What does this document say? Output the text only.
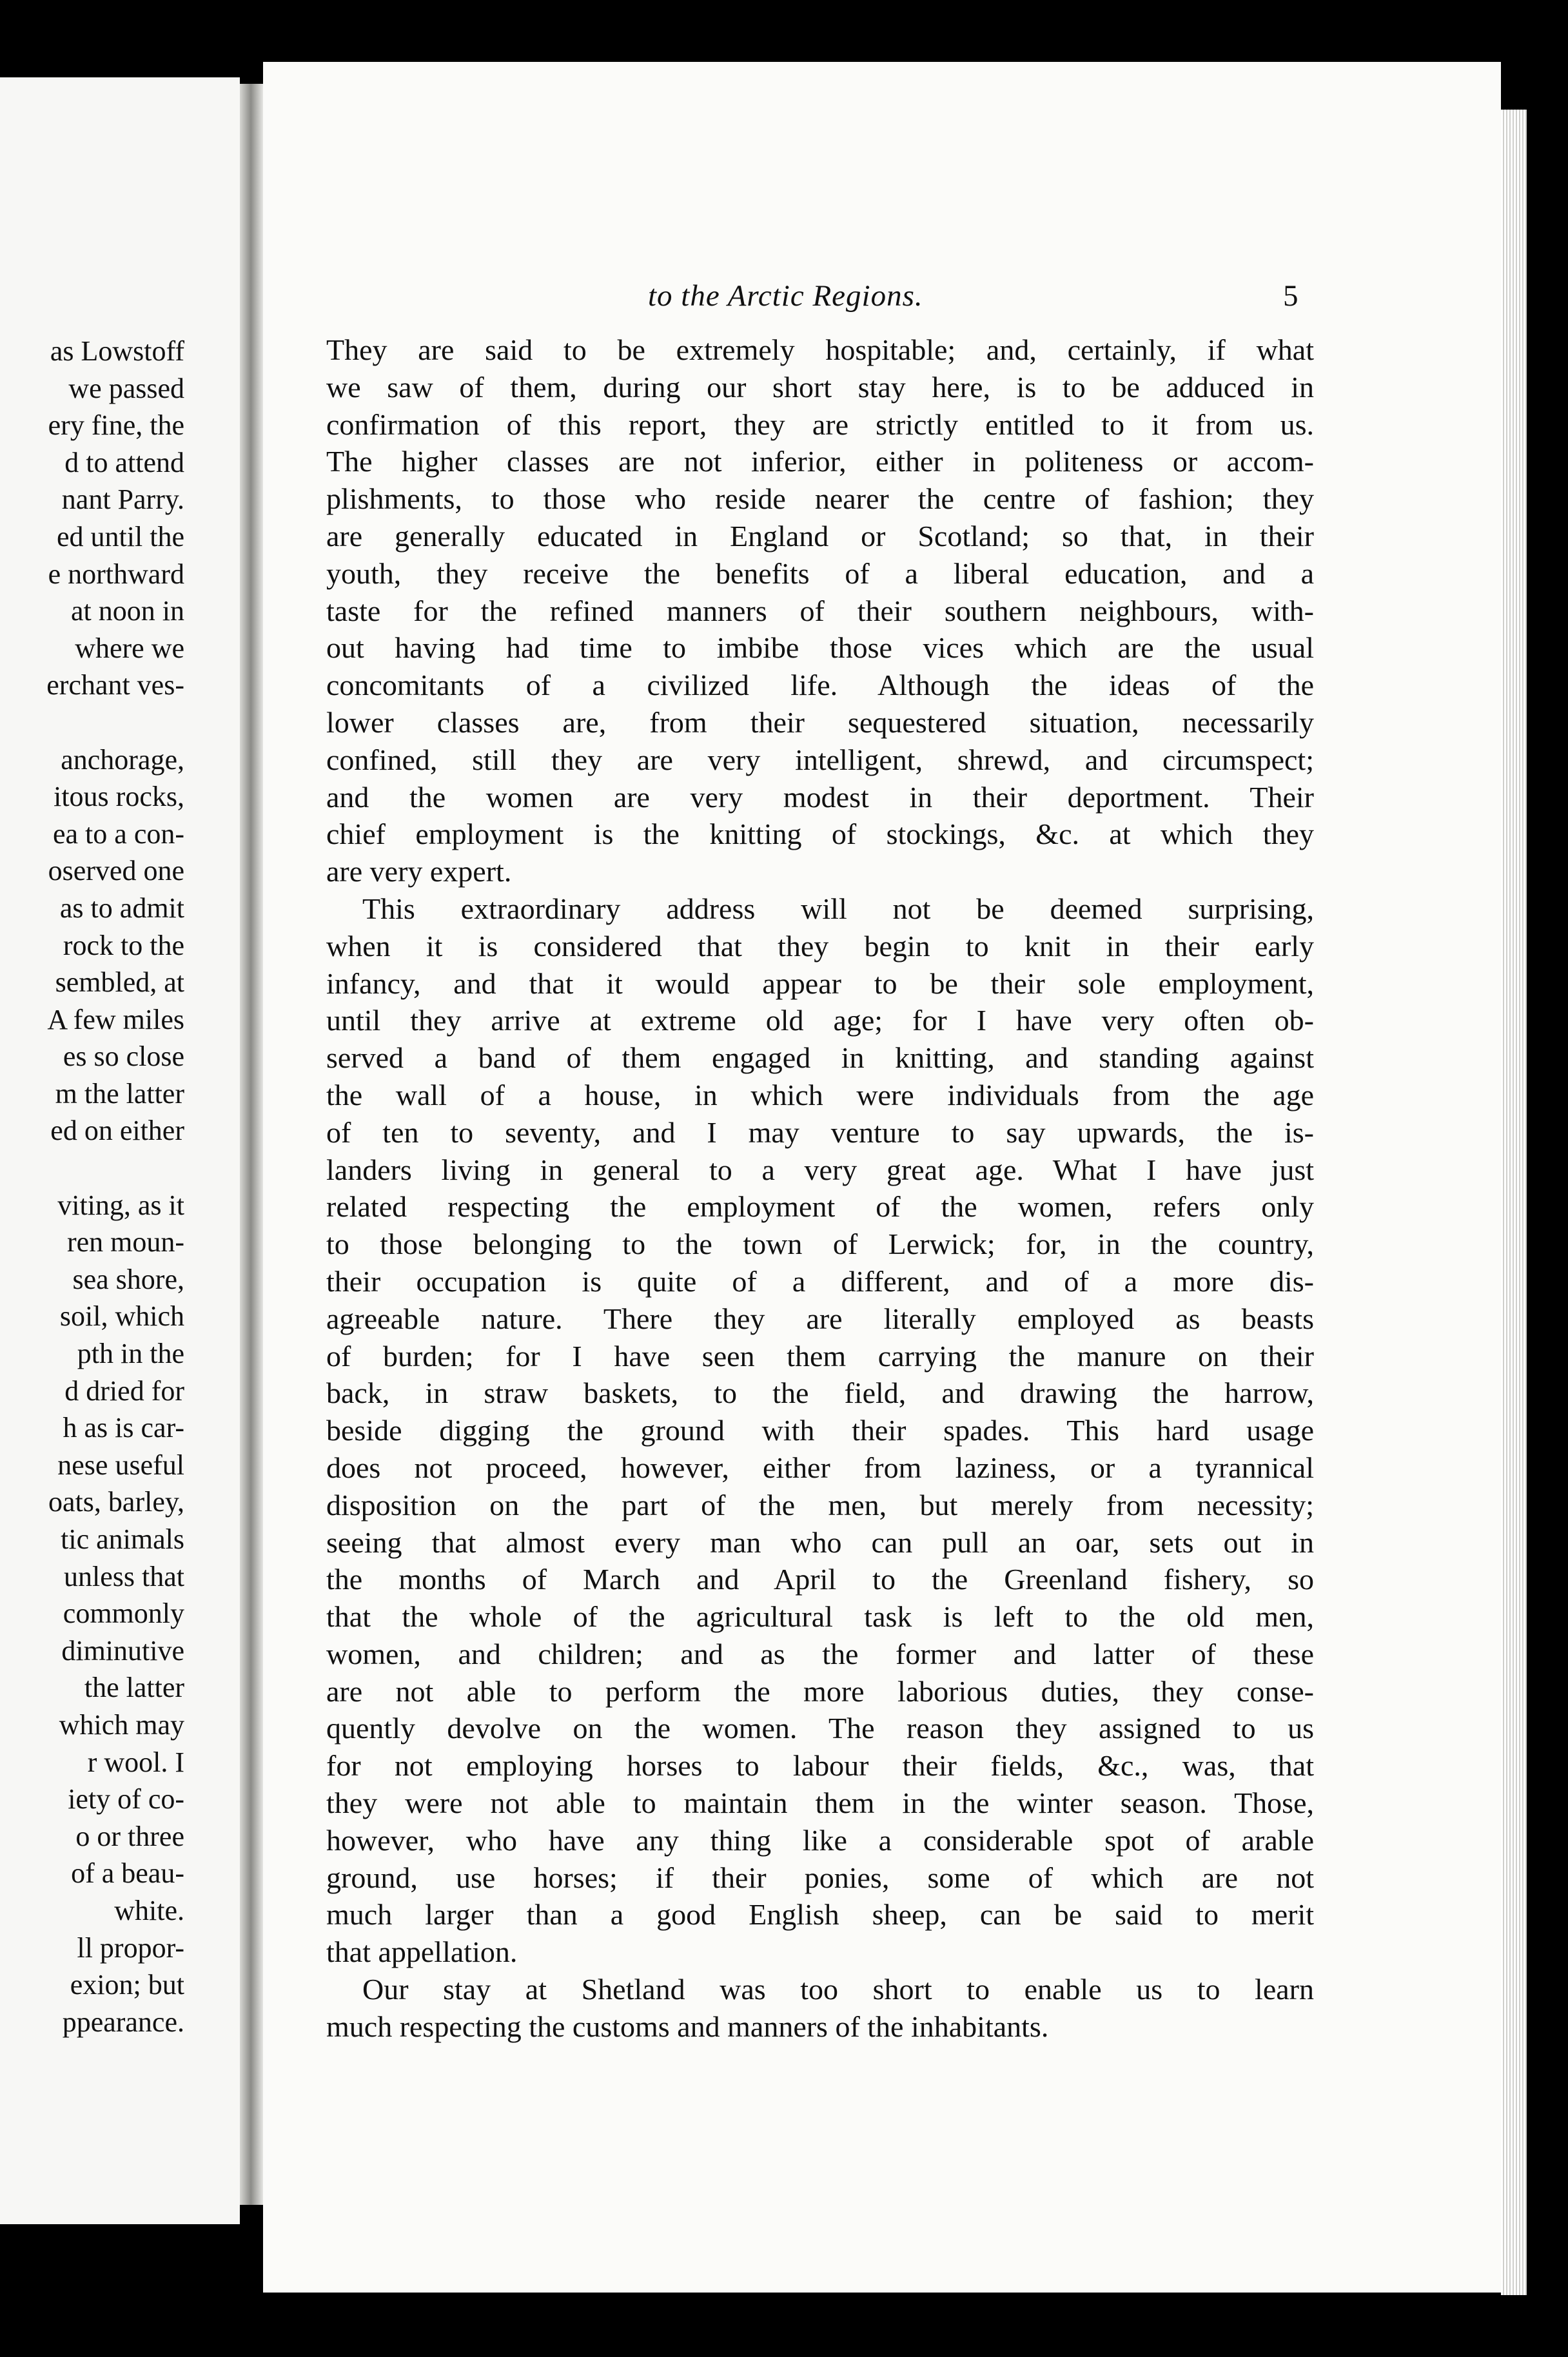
as Lowstoff
we passed
ery fine, the
d to attend
nant Parry.
ed until the
e northward
at noon in
where we
erchant ves-
anchorage,
itous rocks,
ea to a con-
oserved one
as to admit
rock to the
sembled, at
A few miles
es so close
m the latter
ed on either
viting, as it
ren moun-
sea shore,
soil, which
pth in the
d dried for
h as is car-
nese useful
oats, barley,
tic animals
unless that
commonly
diminutive
the latter
which may
r wool. I
iety of co-
o or three
of a beau-
white.
ll propor-
exion; but
ppearance.
to the Arctic Regions.	5
They are said to be extremely hospitable; and, certainly, if what
we saw of them, during our short stay here, is to be adduced in
confirmation of this report, they are strictly entitled to it from us.
The higher classes are not inferior, either in politeness or accom-
plishments, to those who reside nearer the centre of fashion; they
are generally educated in England or Scotland; so that, in their
youth, they receive the benefits of a liberal education, and a
taste for the refined manners of their southern neighbours, with-
out having had time to imbibe those vices which are the usual
concomitants of a civilized life. Although the ideas of the
lower classes are, from their sequestered situation, necessarily
confined, still they are very intelligent, shrewd, and circumspect;
and the women are very modest in their deportment. Their
chief employment is the knitting of stockings, &c. at which they
are very expert.
This extraordinary address will not be deemed surprising,
when it is considered that they begin to knit in their early
infancy, and that it would appear to be their sole employment,
until they arrive at extreme old age; for I have very often ob-
served a band of them engaged in knitting, and standing against
the wall of a house, in which were individuals from the age
of ten to seventy, and I may venture to say upwards, the is-
landers living in general to a very great age. What I have just
related respecting the employment of the women, refers only
to those belonging to the town of Lerwick; for, in the country,
their occupation is quite of a different, and of a more dis-
agreeable nature. There they are literally employed as beasts
of burden; for I have seen them carrying the manure on their
back, in straw baskets, to the field, and drawing the harrow,
beside digging the ground with their spades. This hard usage
does not proceed, however, either from laziness, or a tyrannical
disposition on the part of the men, but merely from necessity;
seeing that almost every man who can pull an oar, sets out in
the months of March and April to the Greenland fishery, so
that the whole of the agricultural task is left to the old men,
women, and children; and as the former and latter of these
are not able to perform the more laborious duties, they conse-
quently devolve on the women. The reason they assigned to us
for not employing horses to labour their fields, &c., was, that
they were not able to maintain them in the winter season. Those,
however, who have any thing like a considerable spot of arable
ground, use horses; if their ponies, some of which are not
much larger than a good English sheep, can be said to merit
that appellation.
Our stay at Shetland was too short to enable us to learn
much respecting the customs and manners of the inhabitants.
